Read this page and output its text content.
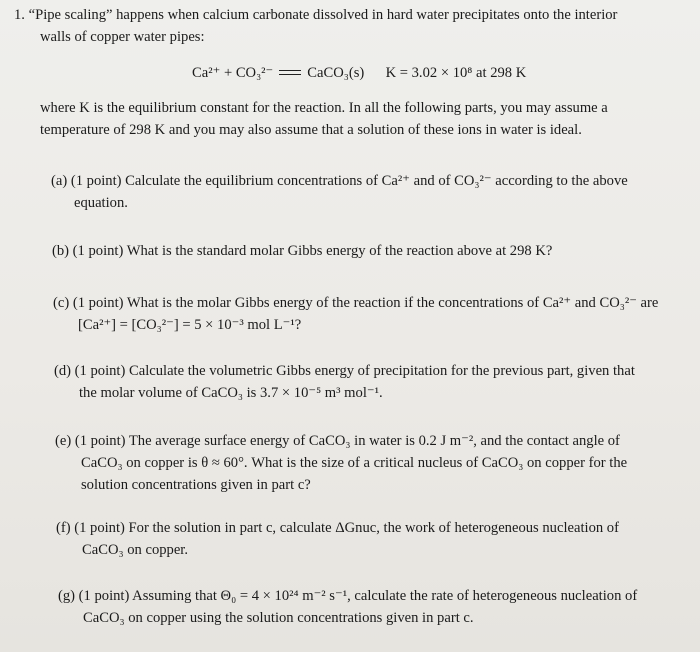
1. “Pipe scaling” happens when calcium carbonate dissolved in hard water precipitates onto the interior
walls of copper water pipes:
Ca²⁺ + CO₃²⁻ CaCO₃(s) K = 3.02 × 10⁸ at 298 K
where K is the equilibrium constant for the reaction. In all the following parts, you may assume a
temperature of 298 K and you may also assume that a solution of these ions in water is ideal.
(a) (1 point) Calculate the equilibrium concentrations of Ca²⁺ and of CO₃²⁻ according to the above
equation.
(b) (1 point) What is the standard molar Gibbs energy of the reaction above at 298 K?
(c) (1 point) What is the molar Gibbs energy of the reaction if the concentrations of Ca²⁺ and CO₃²⁻ are
[Ca²⁺] = [CO₃²⁻] = 5 × 10⁻³ mol L⁻¹?
(d) (1 point) Calculate the volumetric Gibbs energy of precipitation for the previous part, given that
the molar volume of CaCO₃ is 3.7 × 10⁻⁵ m³ mol⁻¹.
(e) (1 point) The average surface energy of CaCO₃ in water is 0.2 J m⁻², and the contact angle of
CaCO₃ on copper is θ ≈ 60°. What is the size of a critical nucleus of CaCO₃ on copper for the
solution concentrations given in part c?
(f) (1 point) For the solution in part c, calculate ΔGnuc, the work of heterogeneous nucleation of
CaCO₃ on copper.
(g) (1 point) Assuming that Θ₀ = 4 × 10²⁴ m⁻² s⁻¹, calculate the rate of heterogeneous nucleation of
CaCO₃ on copper using the solution concentrations given in part c.
